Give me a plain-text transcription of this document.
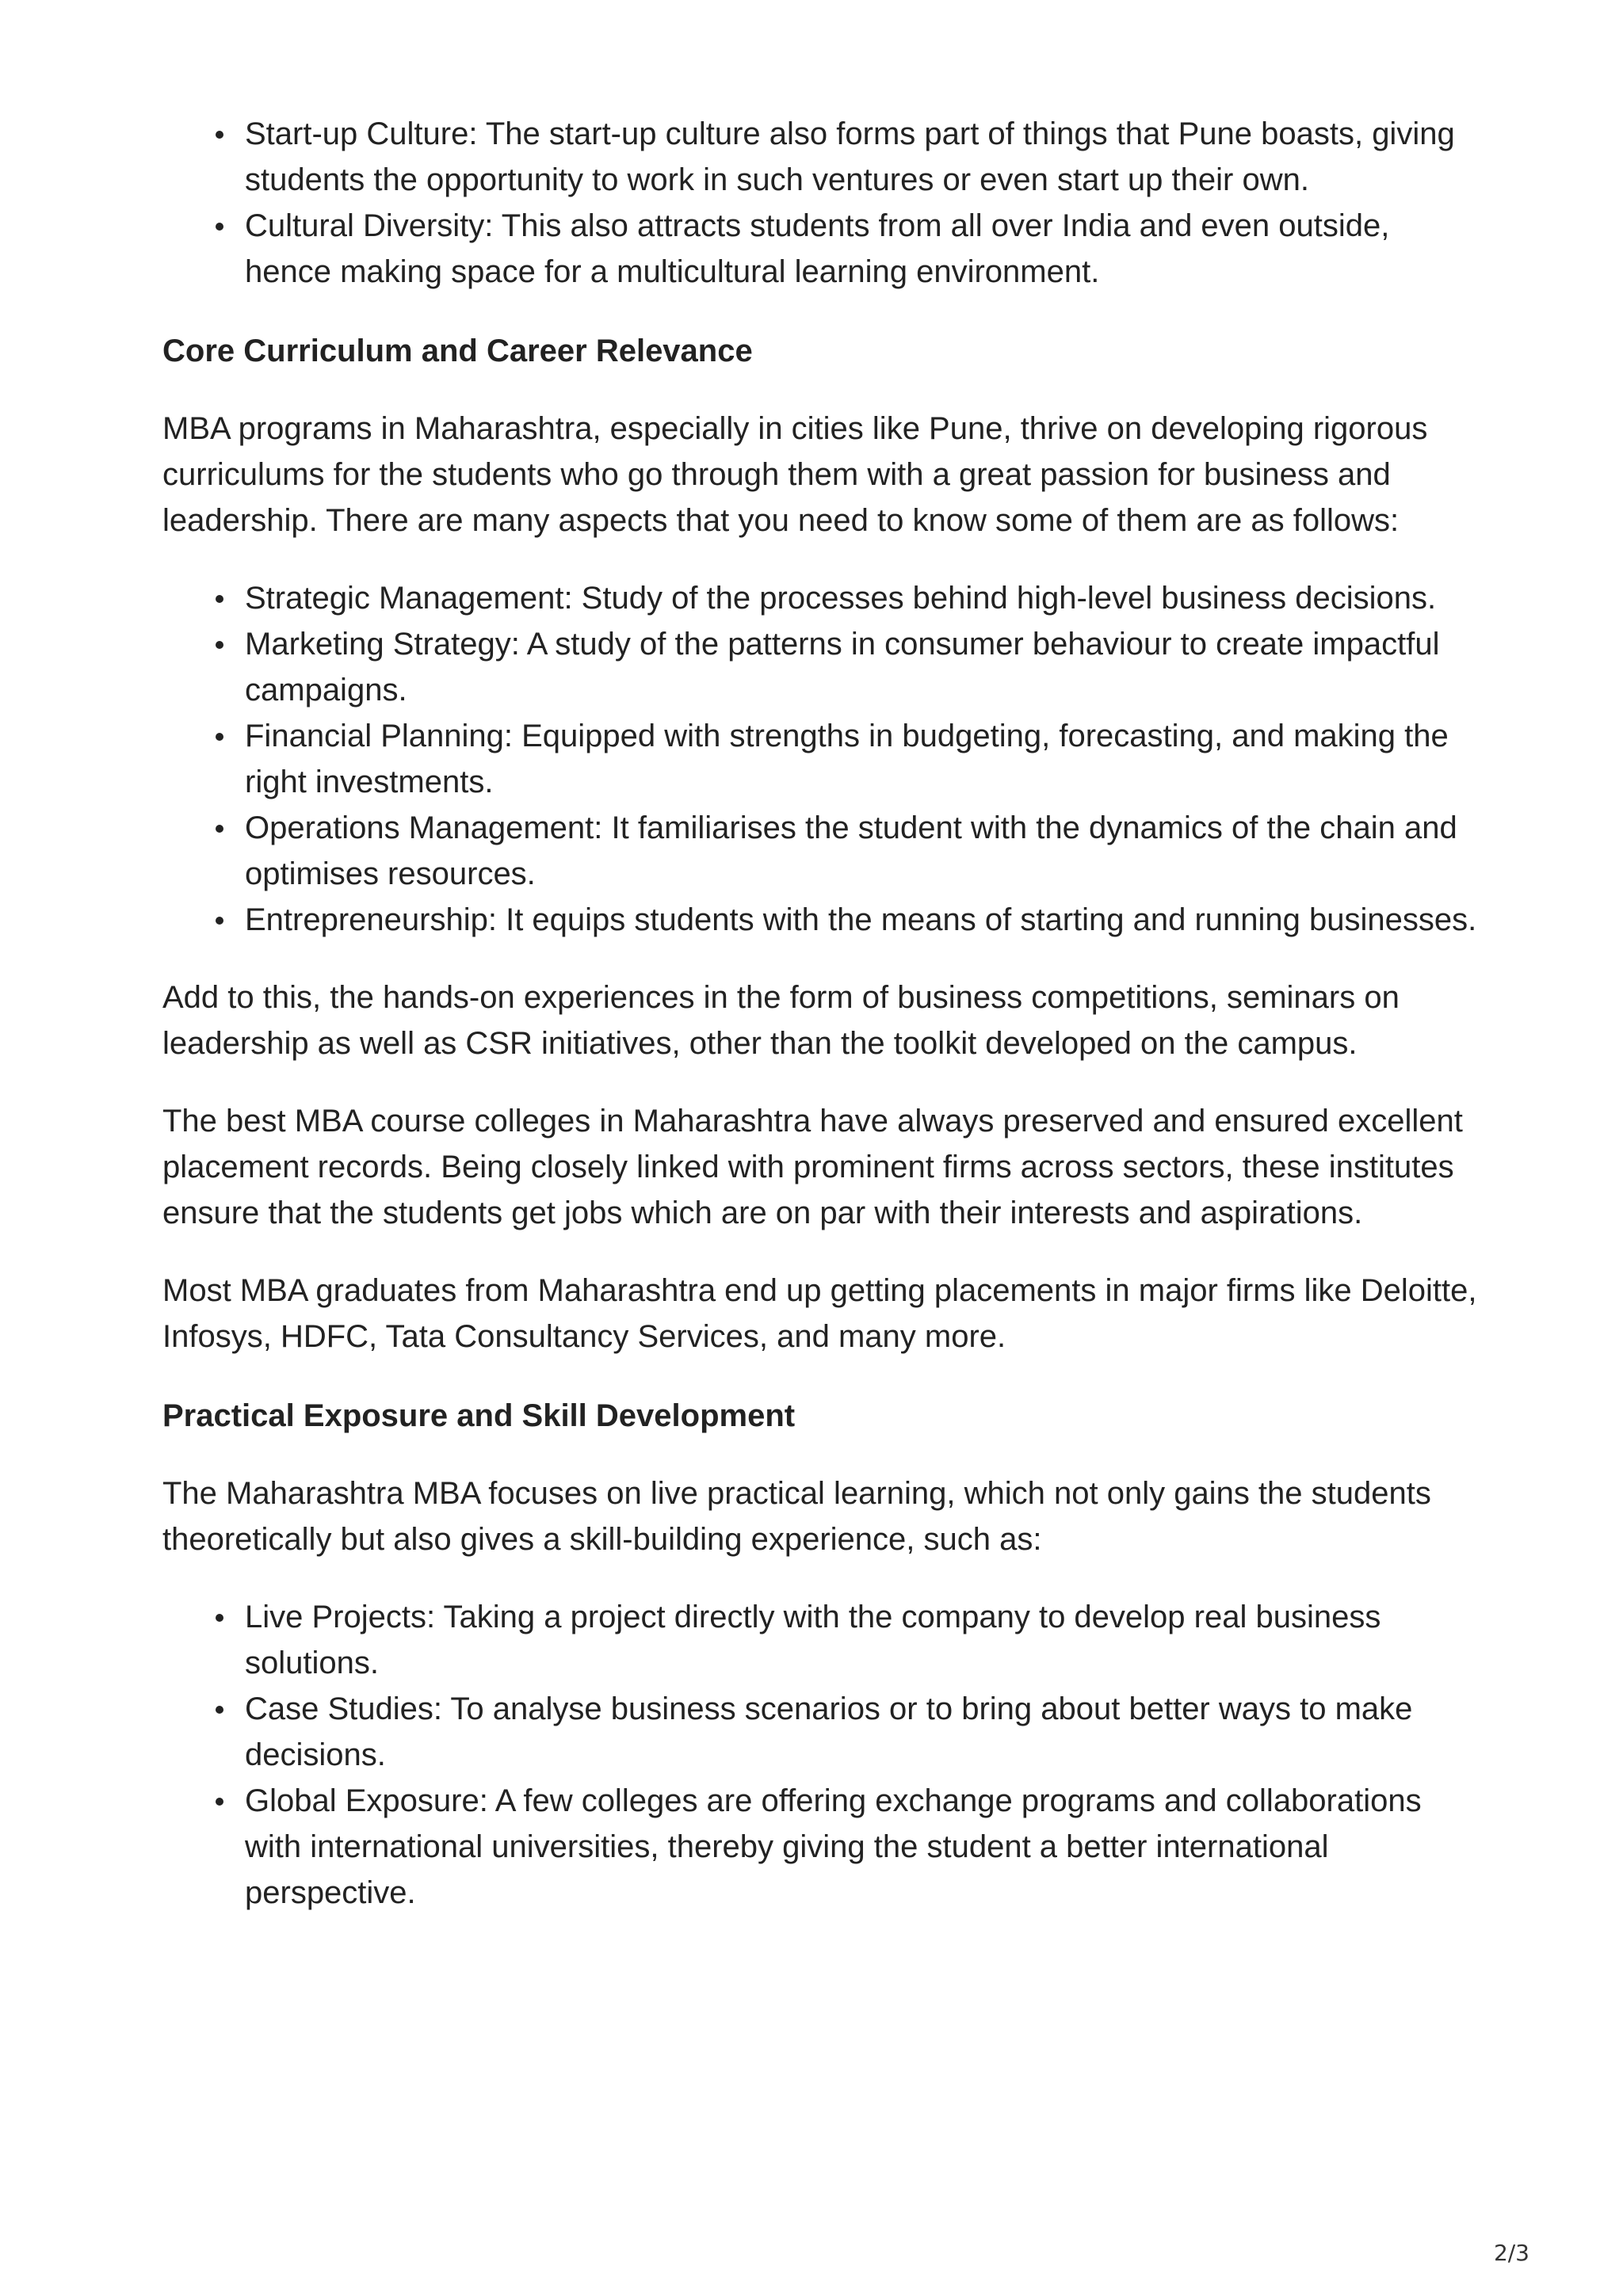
Start-up Culture: The start-up culture also forms part of things that Pune boasts, giving students the opportunity to work in such ventures or even start up their own.
Cultural Diversity: This also attracts students from all over India and even outside, hence making space for a multicultural learning environment.

Core Curriculum and Career Relevance

MBA programs in Maharashtra, especially in cities like Pune, thrive on developing rigorous curriculums for the students who go through them with a great passion for business and leadership. There are many aspects that you need to know some of them are as follows:

Strategic Management: Study of the processes behind high-level business decisions.
Marketing Strategy: A study of the patterns in consumer behaviour to create impactful campaigns.
Financial Planning: Equipped with strengths in budgeting, forecasting, and making the right investments.
Operations Management: It familiarises the student with the dynamics of the chain and optimises resources.
Entrepreneurship: It equips students with the means of starting and running businesses.

Add to this, the hands-on experiences in the form of business competitions, seminars on leadership as well as CSR initiatives, other than the toolkit developed on the campus.

The best MBA course colleges in Maharashtra have always preserved and ensured excellent placement records. Being closely linked with prominent firms across sectors, these institutes ensure that the students get jobs which are on par with their interests and aspirations.

Most MBA graduates from Maharashtra end up getting placements in major firms like Deloitte, Infosys, HDFC, Tata Consultancy Services, and many more.

Practical Exposure and Skill Development

The Maharashtra MBA focuses on live practical learning, which not only gains the students theoretically but also gives a skill-building experience, such as:

Live Projects: Taking a project directly with the company to develop real business solutions.
Case Studies: To analyse business scenarios or to bring about better ways to make decisions.
Global Exposure: A few colleges are offering exchange programs and collaborations with international universities, thereby giving the student a better international perspective.
2/3
